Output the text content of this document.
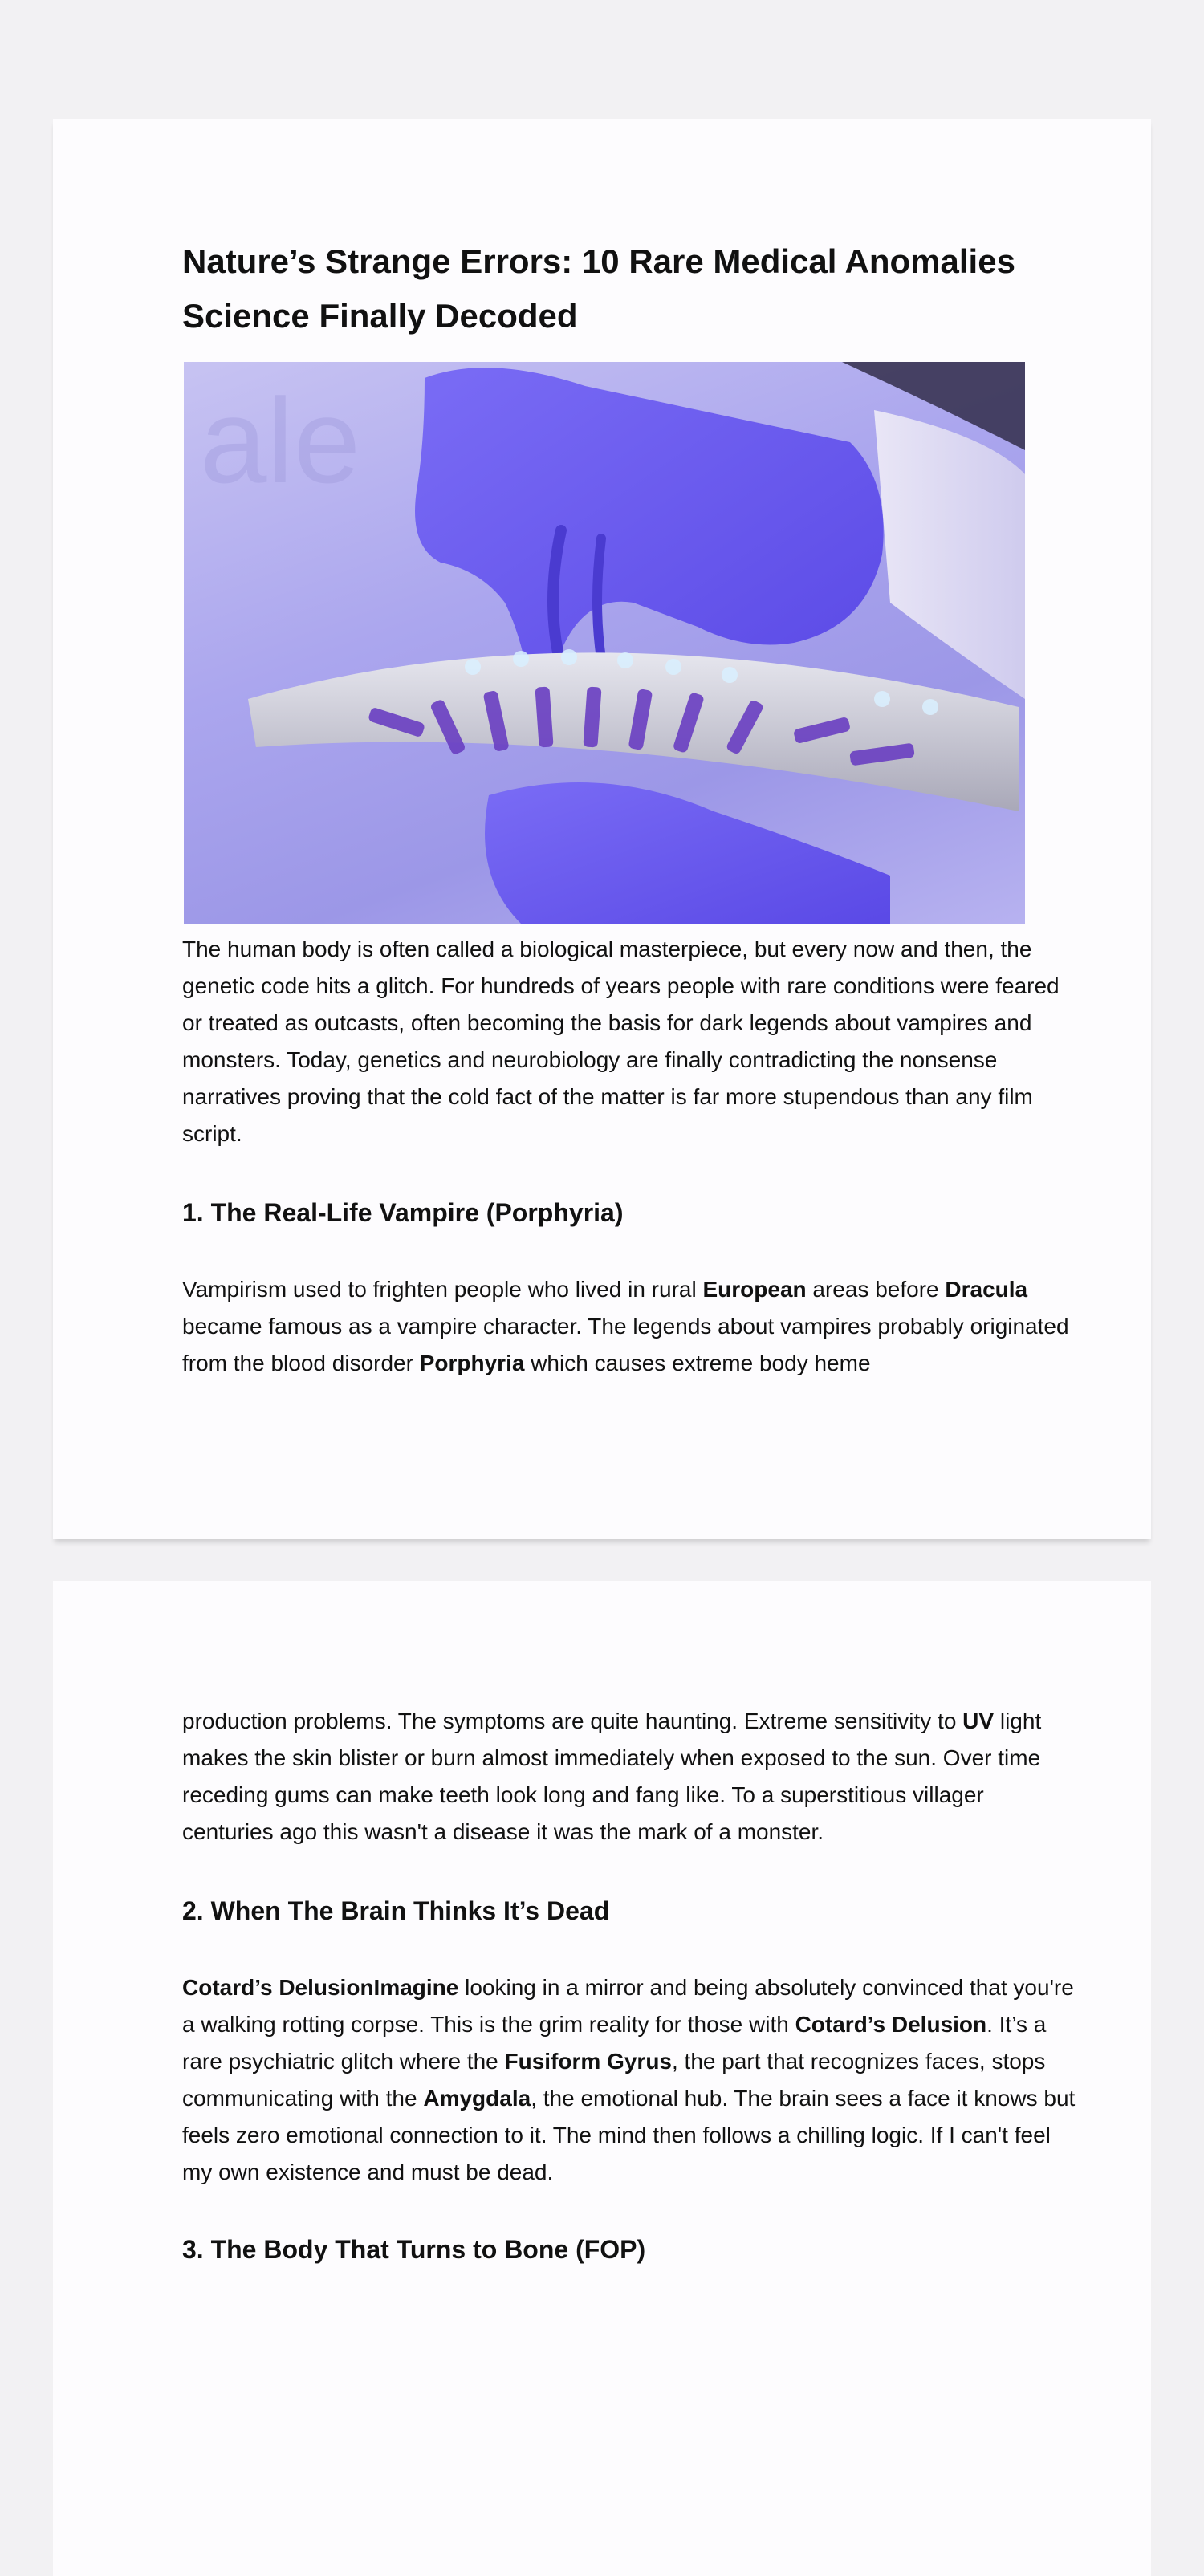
Nature’s Strange Errors: 10 Rare Medical Anomalies Science Finally Decoded
ale

The human body is often called a biological masterpiece, but every now and then, the genetic code hits a glitch. For hundreds of years people with rare conditions were feared or treated as outcasts, often becoming the basis for dark legends about vampires and monsters. Today, genetics and neurobiology are finally contradicting the nonsense narratives proving that the cold fact of the matter is far more stupendous than any film script.

1. The Real-Life Vampire (Porphyria)

Vampirism used to frighten people who lived in rural European areas before Dracula became famous as a vampire character. The legends about vampires probably originated from the blood disorder Porphyria which causes extreme body heme

production problems. The symptoms are quite haunting. Extreme sensitivity to UV light makes the skin blister or burn almost immediately when exposed to the sun. Over time receding gums can make teeth look long and fang like. To a superstitious villager centuries ago this wasn't a disease it was the mark of a monster.

2. When The Brain Thinks It’s Dead

Cotard’s DelusionImagine looking in a mirror and being absolutely convinced that you're a walking rotting corpse. This is the grim reality for those with Cotard’s Delusion. It’s a rare psychiatric glitch where the Fusiform Gyrus, the part that recognizes faces, stops communicating with the Amygdala, the emotional hub. The brain sees a face it knows but feels zero emotional connection to it. The mind then follows a chilling logic. If I can't feel my own existence and must be dead.

3. The Body That Turns to Bone (FOP)
